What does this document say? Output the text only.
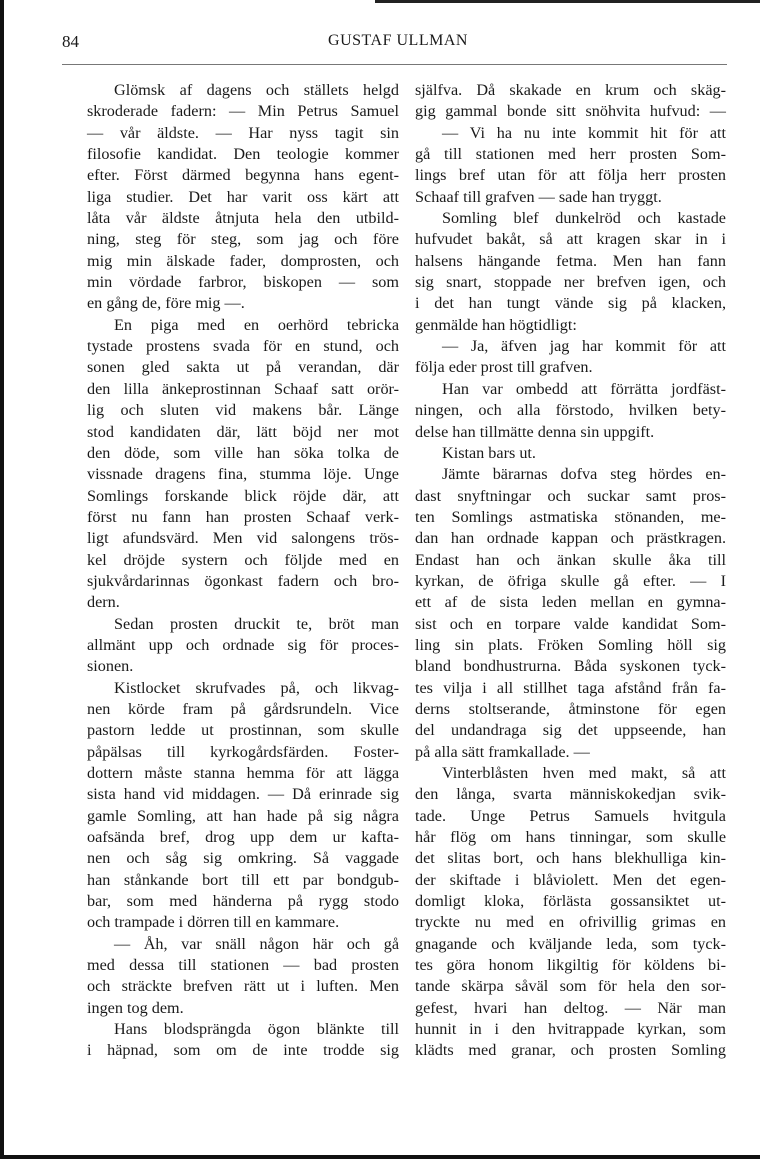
84	GUSTAF ULLMAN
Glömsk af dagens och ställets helgd
skroderade fadern: — Min Petrus Samuel
— vår äldste. — Har nyss tagit sin
filosofie kandidat. Den teologie kommer
efter. Först därmed begynna hans egent-
liga studier. Det har varit oss kärt att
låta vår äldste åtnjuta hela den utbild-
ning, steg för steg, som jag och före
mig min älskade fader, domprosten, och
min vördade farbror, biskopen — som
en gång de, före mig —.
En piga med en oerhörd tebricka
tystade prostens svada för en stund, och
sonen gled sakta ut på verandan, där
den lilla änkeprostinnan Schaaf satt orör-
lig och sluten vid makens bår. Länge
stod kandidaten där, lätt böjd ner mot
den döde, som ville han söka tolka de
vissnade dragens fina, stumma löje. Unge
Somlings forskande blick röjde där, att
först nu fann han prosten Schaaf verk-
ligt afundsvärd. Men vid salongens trös-
kel dröjde systern och följde med en
sjukvårdarinnas ögonkast fadern och bro-
dern.
Sedan prosten druckit te, bröt man
allmänt upp och ordnade sig för proces-
sionen.
Kistlocket skrufvades på, och likvag-
nen körde fram på gårdsrundeln. Vice
pastorn ledde ut prostinnan, som skulle
påpälsas till kyrkogårdsfärden. Foster-
dottern måste stanna hemma för att lägga
sista hand vid middagen. — Då erinrade sig
gamle Somling, att han hade på sig några
oafsända bref, drog upp dem ur kafta-
nen och såg sig omkring. Så vaggade
han stånkande bort till ett par bondgub-
bar, som med händerna på rygg stodo
och trampade i dörren till en kammare.
— Åh, var snäll någon här och gå
med dessa till stationen — bad prosten
och sträckte brefven rätt ut i luften. Men
ingen tog dem.
Hans blodsprängda ögon blänkte till
i häpnad, som om de inte trodde sig
själfva. Då skakade en krum och skäg-
gig gammal bonde sitt snöhvita hufvud: —
— Vi ha nu inte kommit hit för att
gå till stationen med herr prosten Som-
lings bref utan för att följa herr prosten
Schaaf till grafven — sade han tryggt.
Somling blef dunkelröd och kastade
hufvudet bakåt, så att kragen skar in i
halsens hängande fetma. Men han fann
sig snart, stoppade ner brefven igen, och
i det han tungt vände sig på klacken,
genmälde han högtidligt:
— Ja, äfven jag har kommit för att
följa eder prost till grafven.
Han var ombedd att förrätta jordfäst-
ningen, och alla förstodo, hvilken bety-
delse han tillmätte denna sin uppgift.
Kistan bars ut.
Jämte bärarnas dofva steg hördes en-
dast snyftningar och suckar samt pros-
ten Somlings astmatiska stönanden, me-
dan han ordnade kappan och prästkragen.
Endast han och änkan skulle åka till
kyrkan, de öfriga skulle gå efter. — I
ett af de sista leden mellan en gymna-
sist och en torpare valde kandidat Som-
ling sin plats. Fröken Somling höll sig
bland bondhustrurna. Båda syskonen tyck-
tes vilja i all stillhet taga afstånd från fa-
derns stoltserande, åtminstone för egen
del undandraga sig det uppseende, han
på alla sätt framkallade. —
Vinterblåsten hven med makt, så att
den långa, svarta människokedjan svik-
tade. Unge Petrus Samuels hvitgula
hår flög om hans tinningar, som skulle
det slitas bort, och hans blekhulliga kin-
der skiftade i blåviolett. Men det egen-
domligt kloka, förlästa gossansiktet ut-
tryckte nu med en ofrivillig grimas en
gnagande och kväljande leda, som tyck-
tes göra honom likgiltig för köldens bi-
tande skärpa såväl som för hela den sor-
gefest, hvari han deltog. — När man
hunnit in i den hvitrappade kyrkan, som
klädts med granar, och prosten Somling
